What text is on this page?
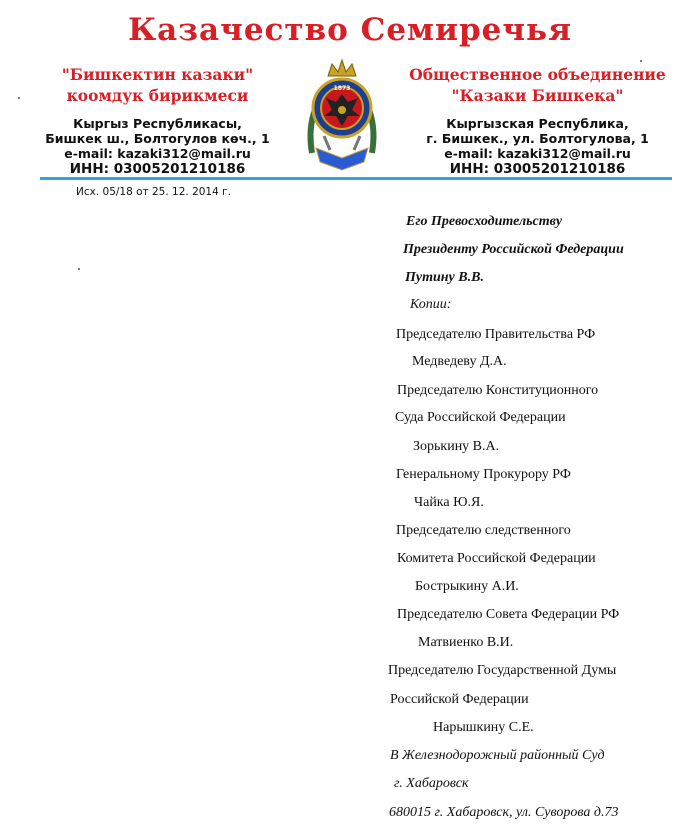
Казачество Семиречья
"Бишкектин казаки"
коомдук бирикмеси
Кыргыз Республикасы,
Бишкек ш., Болтогулов көч., 1
e-mail: kazaki312@mail.ru
ИНН: 03005201210186
1873
Общественное объединение
"Казаки Бишкека"
Кыргызская Республика,
г. Бишкек., ул. Болтогулова, 1
e-mail: kazaki312@mail.ru
ИНН: 03005201210186
Исх. 05/18 от 25. 12. 2014 г.
Его Превосходительству
Президенту Российской Федерации
Путину В.В.
Копии:
Председателю Правительства РФ
Медведеву Д.А.
Председателю Конституционного
Суда Российской Федерации
Зорькину В.А.
Генеральному Прокурору РФ
Чайка Ю.Я.
Председателю следственного
Комитета Российской Федерации
Бострыкину А.И.
Председателю Совета Федерации РФ
Матвиенко В.И.
Председателю Государственной Думы
Российской Федерации
Нарышкину С.Е.
В Железнодорожный районный Суд
г. Хабаровск
680015 г. Хабаровск, ул. Суворова д.73
